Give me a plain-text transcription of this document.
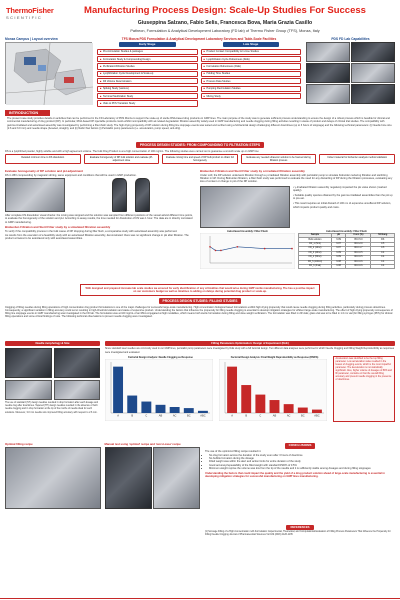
ThermoFisher
SCIENTIFIC
Manufacturing Process Design: Scale-Up Studies For Success
Giuseppina Salzano, Fabio Selis, Francesca Bova, Maria Grazia Casillo
Patheon, Formulation & Analytical Development Laboratory (FD lab) of Thermo Fisher Group (TFS), Monza, Italy
Monza Campus | Layout overview	TFS Monza PDS Formulation & Analytical Development Laboratory Services and Table-Scale Facilities
Early Stage
■ Pre-formulation Studies & packages
■ Formulation Study & Compounding Design
■ Purification/Filtration Studies
■ Lyophilization Cycle Development & Scale-up
■ Fill Volume Determination
■ Spiking Study (various)
■ Terminal Sterilization Study
■ Vials to PFS Transition Study
Late Stage
■ Product Contact Compatibility & In-Use Studies
■ Lyophilization Cycle Robustness (DoE)
■ Formulation Robustness (DoE)
■ Holding Time Studies
■ Process Data Studies
■ Pumping Recirculation Studies
■ Mixing Study
PDS FD Lab Capabilities
INTRODUCTION
The present case study provides details on activities that can be performed in the FD Laboratory of PDS Monza to support the scale-up of sterile RNA-based drug products on GMP lines. The main purpose of the study was to generate sufficient process understanding to ensure the design of a robust process which is feasible for clinical and commercial manufacturing of drug product (DP). In particular, RNA-based DP injectable products could exhibit incompatibility with air-related degradation filtration assembly widely used in GMP manufacturing and needle clogging during filling activities resulting in waste of product and delays of clinical trial studies. The compatibility with gamma irradiated and autoclaved assembly was investigated by performing a filter-flush study. The high drying propensity of DP solution during filling line stoppage events was tested and verified using a full-factorial design challenging different downtimes (up to 3 hours of stoppage) and the following technical parameters: (i) Needle bore size (2.6 and 3.0 mm) and needle shape (beveled, straight), and (ii) fluidic flow factors (i) Peristaltic pump parameters (i.e. acceleration, pump speed, anti-drip).
PROCESS DESIGN STUDIES: FROM COMPOUNDING TO FILTRATION STEPS
DS is a lyophilized powder, highly soluble and with a high agreement volume. The bulk Drug Product is at a high concentration of 100 mg/mL. The following studies were carried out to guarantee a smooth scale up on GMP line:
Detailed minimum time to DS dissolution	Evaluate homogeneity of DP bulk solution and evaluate pH-adjustment dose
Evaluate mixing time and speed of DP bulk product to obtain full homogeneity
Evaluate any needed ultrasonic solution to be foamed during filtration process
Collect material for bioburden analysis method validation
Evaluate homogeneity of DP solution and pH-adjustment
DS in WFI compounding by magnetic stirring, same equipment and conditions that will be used in GMP production.
After complete DS dissolution visual checks: the mixing was stopped and the solution was sampled from different positions of the vessel at/and different time points, to evaluate the homogeneity of the solution and pH. According to assay results, the time needed for dissolution of DS was 1 hour. The data are in directly correlated to GMP manufacturing.
Bioburden Filtration and Steril Filter study by a simulated filtration assembly
To verify if the compatibility process in the bulk cause of DP dropping during filter flush, a comparative study with autoclaved assembly was performed.
As results from the execution of a feasibility study with an autoclaved filtration assembly, demonstrated: there was no significant change in pH after filtration. The product at lowest to be autoclaved only with autoclaved assemblies.
Bioburden Filtration and Steril Filter study by a irradiated filtration assembly
Under LAF, the DP solution underwent filtration through a γ-irradiated filtration assembly with peristaltic pump to simulate bioburden reducing filtration and sterilizing filtration in GP. During Bioburden filtration, a filter flush study was performed to evaluate the need for any discarding of DP during the filtration processes, evaluating any loss of content or change in pH of the DP solution.
• γ-Irradiated filtration assembly negatively impacted the pH value shown (marked quality).
• Suitable quality species obtained by the gamma irradiated assemblies than the pH up to pre-set.
• This result requires an initial discard of 100 mL of expensive unsuffered DP solution, which impacts product quality and costs.
Autoclaved Assembly: Filter Flush	Autoclaved Assembly: Filter Flush
Sample	pH	Conc (%)	%Chang
Bulk solution	6.89	95.0.5.0	DS
FR_1 (5ml)	6.87	96.0.2.0	0.5
FR_2 (10ml)	6.87	96.0.1.7	0.5
FR_3 (20ml)	6.89	96.0.0.5	0.4
FR_4 (50ml)	6.89	96.0.0.5	0.4
FR_5 (100ml)	6.88	96.0.0.6	0.4
FR_6 (final)	6.88	96.0.0.6	0.4
With designed and prepared innovate lab scale studies we ensured for early identification of any criticalities that would arise during GMP sterile manufacturing. The has a positive impact on our customers budget as well as timelines to adding on delays during potential drug product or scale-up.
PROCESS DESIGN STUDIES: FILLING STUDIES
Clogging of filling needles during filling operations of high concentration drug product formulations is one of the major challenges for successful large-scale manufacturing. High concentration biological based formulations exhibit high drying propensity that could cause needle clogging during filling activities, particularly during process downtimes. Consequently, a significant variation in filling accuracy could occur resulting in high-threshold variation and waste of expensive product. Understanding the factors that influence the propensity for filling needle clogging is essential to develop mitigation strategies for efficient large-scale manufacturing. The effect of high drying propensity consequence of filling line stoppage events in GMP manufacturing was investigated in the FD lab. The formulation was at 100 mg/mL of an RNA conjugated at high modalities, which means both sterile formulation during filling and dose weight verification. The formulation was filled in 2R vials; glass vial was to be filled in 1.0 mL vial (for filling syringes (PFS) for clinical filling operations and some critical findings of note. The following technical observations to prevent needle clogging were investigated.
Needle morphology & Size
The use of standard (ST) design needles resulted in drop formation after each dosage and needle clog after downtimes. Tapered (TP) design needles resulted in the absence of both needle clogging and in drop formation at the tip of the nozzle of needle ideal for such solutions. Moreover, 3.0 mm needle size improved filling accuracy with respect to 2.6 mm.
Filling Parameters Optimization: Design of Experiment (DoE)
Since standard steel needles are commonly used in our GMP lines, peristaltic pump parameters were investigated by DoE study with a full factorial design. Two different data analyses were performed in which Needle Clogging and Filling Weight Reproducibility as responses were investigated and evaluated.
Factorial Design Analysis: Needle Clogging as Response
A	B	C	AB	AC	BC	ABC
Factorial Design Analysis: Final Weight Reproducibility as Response (RSD%)
A	B	C	AB	AC	BC	ABC
Acceleration was identified to be the top filling parameter. Low acceleration value resulted in the fewest of clogging events, which is the most impactful parameter. The deceleration is not statistically significant. Also, higher volume of dosages of 80% and fill parameter, contains on that the overall filling accuracy and prevent needle clogging in the presence of downtimes.
Optimal filling recipe	Manual test using 'optimal' recipe and 'worst-case' recipe	CONCLUSIONS
The use of the optimized filling recipe resulted in:
• No clog formation across the duration of the study even after 3 hours of downtime
• No bubble formation during the dosage
• Filled weight was within the alert and action limits for entire duration of the study
• Good accuracy/repeatability of the filled weight with standard RSD% of 0.5%
• Minimum weight reprise the volume was low from the tip of the needle and it is sufficiently stable among dosages and during filling stoppages
Understanding the factors that could impact the quality and the yield of a drug product solution ahead of large-scale manufacturing is essential in developing mitigation strategies for successful manufacturing on GMP lines manufacturing.
REFERENCES
[1] Sonnage Filling of a High-Concentration mAb Formulation: Experimental, Theoretical, and Computational Evaluation of Filling Process Parameters That Influence the Propensity for Filling Needle Clogging Journal of Pharmaceutical Sciences Vol 109 (2016) 1126-1135
